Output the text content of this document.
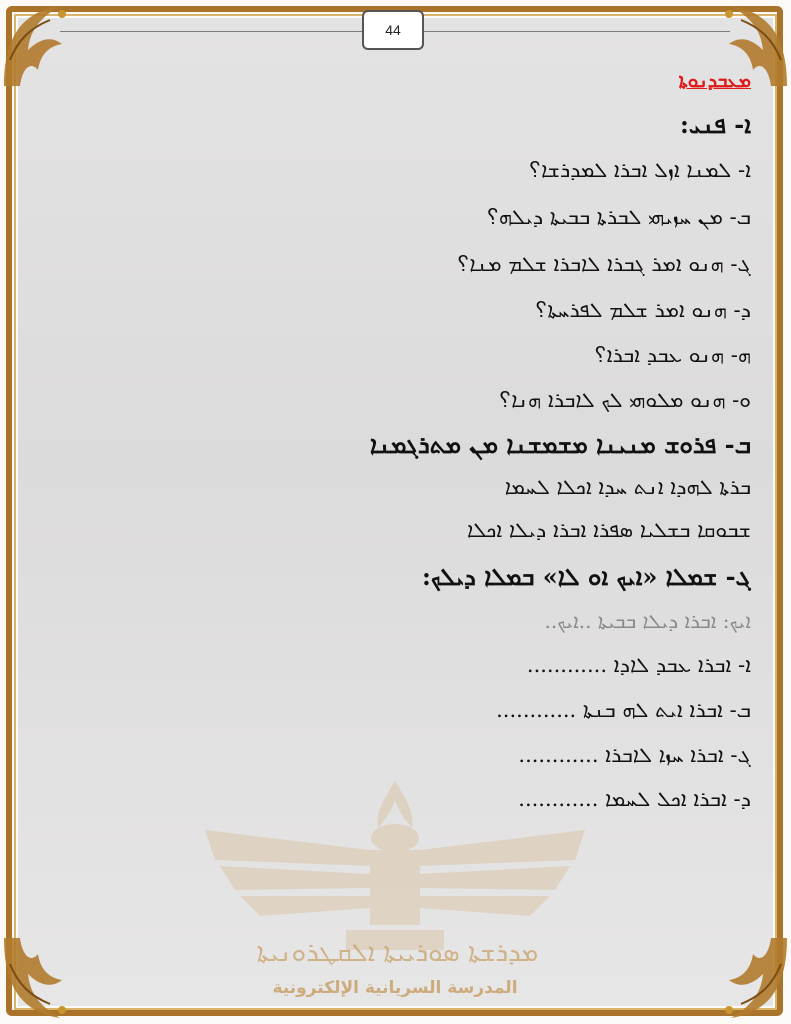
44
ܡܕܪܫܬܐ ܣܘܪܝܝܬܐ ܐܠܩܛܪܘܢܝܬܐ
المدرسة السريانية الإلكترونية
ܡܥܒܕܢܘܬܐ
ܐ- ܦܢܝ:
ܐ- ܠܡܢܐ ܐܙܠ ܐܒܪܐ ܠܡܕܪܫܐ؟
ܒ- ܡܢ ܚܙܝܗܝ ܠܒܪܬܐ ܒܒܝܬܐ ܕܝܠܗ؟
ܓ- ܗܢܘ ܐܡܪ ܓܒܪܐ ܠܐܒܪܐ ܫܠܡ ܡܢܐ؟
ܕ- ܗܢܘ ܐܡܪ ܫܠܡ ܠܦܪܚܬܐ؟
ܗ- ܗܢܘ ܥܒܕ ܐܒܪܐ؟
ܘ- ܗܢܘ ܡܠܘܗܝ ܠܟ ܠܐܒܪܐ ܗܢܐ؟
ܒ- ܦܪܘܫ ܡܢܝܢܐ ܡܫܡܫܢܐ ܡܢ ܡܬܪܓܡܢܐ
ܒܪܬܐ ܠܗܕܐ ܐܢܬ ܚܕܐ ܐܟܠܐ ܠܚܡܐ
ܫܒܘܩܐ ܒܫܠܝܐ ܣܦܪܐ ܐܒܪܐ ܕܝܠܐ ܐܟܠܐ
ܓ- ܫܡܠܐ «ܐܝܟ ܐܘ ܠܐ» ܒܡܠܐ ܕܝܠܟ:
ܐܝܟ: ܐܒܪܐ ܕܝܠܐ ܒܒܝܬܐ ..ܐܝܟ..
ܐ- ܐܒܪܐ ܥܒܕ ܠܐܕܐ ............
ܒ- ܐܒܪܐ ܐܝܬ ܠܗ ܒܢܬܐ ............
ܓ- ܐܒܪܐ ܚܙܐ ܠܐܒܪܐ ............
ܕ- ܐܒܪܐ ܐܟܠ ܠܚܡܐ ............
